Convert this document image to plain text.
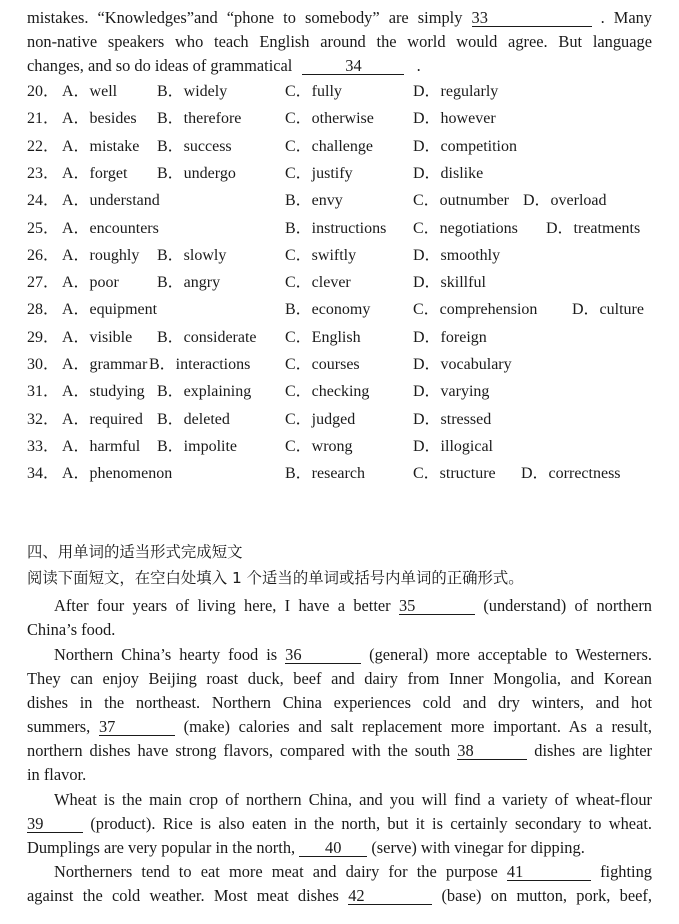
mistakes. “Knowledges”and “phone to somebody” are simply 33	. Many
non-native speakers who teach English around the world would agree. But language
changes, and so do ideas of grammatical	34	.
20． A．well B．widely	C．fully	D．regularly
21． A．besides B．therefore	C．otherwise D．however
22． A．mistake B．success	C．challenge	D．competition
23． A．forget B．undergo	C．justify	D．dislike
24． A．understand	B．envy	C．outnumber D．overload
25． A．encounters	B．instructions C．negotiations D．treatments
26． A．roughly B．slowly	C．swiftly	D．smoothly
27． A．poor B．angry	C．clever	D．skillful
28． A．equipment	B．economy	C．comprehension D．culture
29． A．visible B．considerate C．English	D．foreign
30． A．grammar B．interactions C．courses	D．vocabulary
31． A．studying B．explaining C．checking	D．varying
32． A．required B．deleted	C．judged	D．stressed
33． A．harmful B．impolite	C．wrong	D．illogical
34． A．phenomenon	B．research	C．structure D．correctness
四、用单词的适当形式完成短文
阅读下面短文，在空白处填入 1 个适当的单词或括号内单词的正确形式。
After four years of living here, I have a better 35	(understand) of northern
China’s food.
Northern China’s hearty food is 36	(general) more acceptable to Westerners.
They can enjoy Beijing roast duck, beef and dairy from Inner Mongolia, and Korean
dishes in the northeast. Northern China experiences cold and dry winters, and hot
summers, 37	(make) calories and salt replacement more important. As a result,
northern dishes have strong flavors, compared with the south 38	dishes are lighter
in flavor.
Wheat is the main crop of northern China, and you will find a variety of wheat-flour
39	(product). Rice is also eaten in the north, but it is certainly secondary to wheat.
Dumplings are very popular in the north, 40 (serve) with vinegar for dipping.
Northerners tend to eat more meat and dairy for the purpose 41	fighting
against the cold weather. Most meat dishes 42	(base) on mutton, pork, beef,
